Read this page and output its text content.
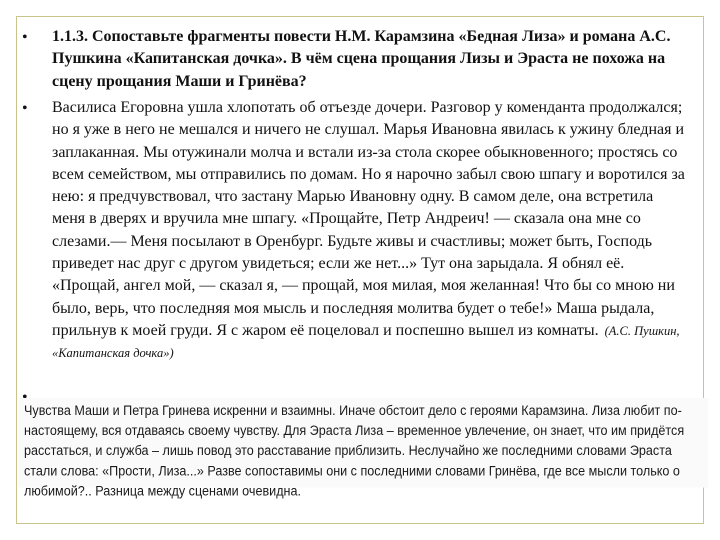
• 1.1.3. Сопоставьте фрагменты повести Н.М. Карамзина «Бедная Лиза» и романа А.С. Пушкина «Капитанская дочка». В чём сцена прощания Лизы и Эраста не похожа на сцену прощания Маши и Гринёва?

• Василиса Егоровна ушла хлопотать об отъезде дочери. Разговор у коменданта продолжался; но я уже в него не мешался и ничего не слушал. Марья Ивановна явилась к ужину бледная и заплаканная. Мы отужинали молча и встали из-за стола скорее обыкновенного; простясь со всем семейством, мы отправились по домам. Но я нарочно забыл свою шпагу и воротился за нею: я предчувствовал, что застану Марью Ивановну одну. В самом деле, она встретила меня в дверях и вручила мне шпагу. «Прощайте, Петр Андреич! — сказала она мне со слезами.— Меня посылают в Оренбург. Будьте живы и счастливы; может быть, Господь приведет нас друг с другом увидеться; если же нет...» Тут она зарыдала. Я обнял её. «Прощай, ангел мой, — сказал я, — прощай, моя милая, моя желанная! Что бы со мною ни было, верь, что последняя моя мысль и последняя молитва будет о тебе!» Маша рыдала, прильнув к моей груди. Я с жаром её поцеловал и поспешно вышел из комнаты. (А.С. Пушкин, «Капитанская дочка»)

Чувства Маши и Петра Гринева искренни и взаимны. Иначе обстоит дело с героями Карамзина. Лиза любит по-настоящему, вся отдаваясь своему чувству. Для Эраста Лиза – временное увлечение, он знает, что им придётся расстаться, и служба – лишь повод это расставание приблизить. Неслучайно же последними словами Эраста стали слова: «Прости, Лиза...» Разве сопоставимы они с последними словами Гринёва, где все мысли только о любимой?.. Разница между сценами очевидна.
